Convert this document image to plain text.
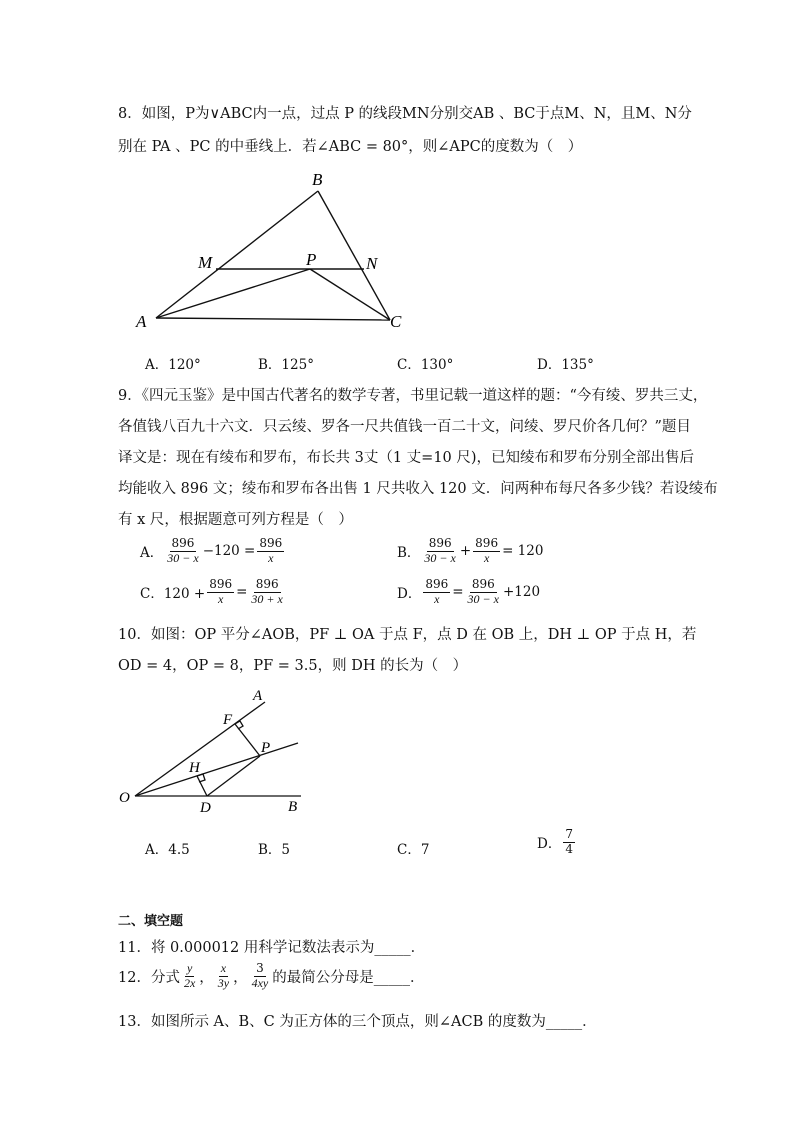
8．如图，P为∨ABC内一点，过点 P 的线段MN分别交AB 、BC于点M、N，且M、N分
别在 PA 、PC 的中垂线上．若∠ABC = 80°，则∠APC的度数为（　）
B
M	P	N
A	C
A．120°	B．125°	C．130°	D．135°
9．《四元玉鉴》是中国古代著名的数学专著，书里记载一道这样的题：“今有绫、罗共三丈，
各值钱八百九十六文．只云绫、罗各一尺共值钱一百二十文，问绫、罗尺价各几何？”题目
译文是：现在有绫布和罗布，布长共 3丈（1 丈=10 尺)，已知绫布和罗布分别全部出售后
均能收入 896 文；绫布和罗布各出售 1 尺共收入 120 文．问两种布每尺各多少钱？若设绫布
有 x 尺，根据题意可列方程是（　）
A． $\frac{896}{30 - x} -120 = \frac{896}{x}$	B． $\frac{896}{30 - x} + \frac{896}{x} = 120$
C．$120 + \frac{896}{x} = \frac{896}{30 + x}$	D． $\frac{896}{x} = \frac{896}{30 - x} +120$
10．如图：OP 平分∠AOB，PF ⊥ OA 于点 F，点 D 在 OB 上，DH ⊥ OP 于点 H，若
OD = 4，OP = 8，PF = 3.5，则 DH 的长为（　）
A
F
P
H
O
D	B
A．4.5	B．5	C．7	D． $\frac{7}{4}$
二、填空题
11．将 0.000012 用科学记数法表示为_____．
12．分式 $\frac{y}{2x}$ ， $\frac{x}{3y}$ ， $\frac{3}{4xy}$ 的最简公分母是_____．
13．如图所示 A、B、C 为正方体的三个顶点，则∠ACB 的度数为_____．
